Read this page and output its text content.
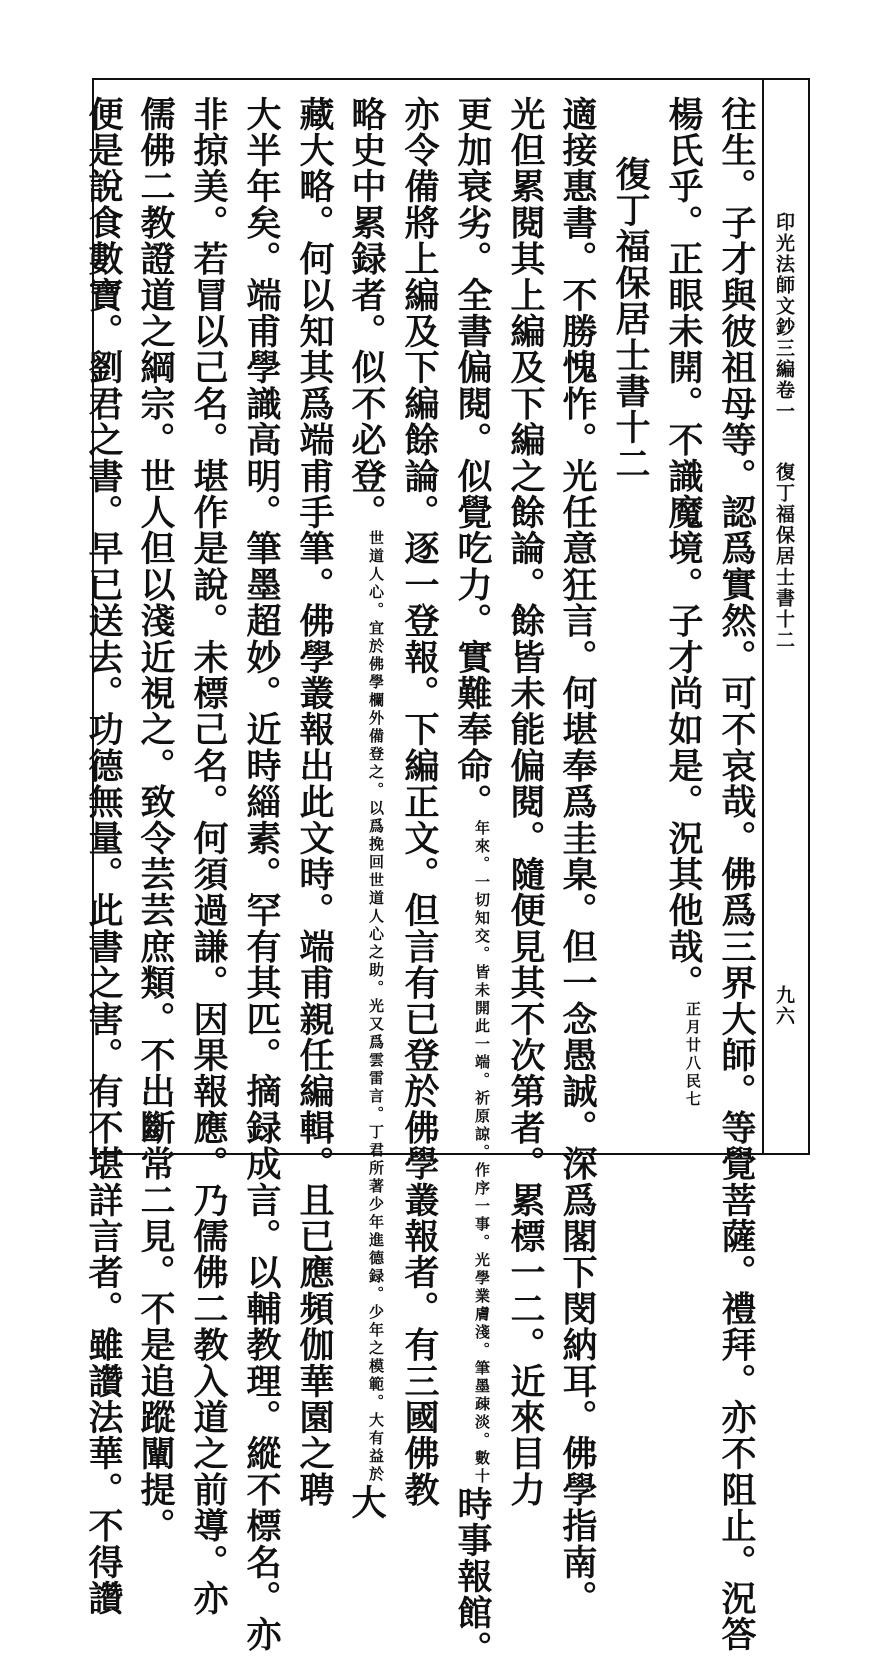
印光法師文鈔三編卷一
復丁福保居士書十二
九六
往生。子才與彼祖母等。認爲實然。可不哀哉。佛爲三界大師。等覺菩薩。禮拜。亦不阻止。況答
楊氏乎。正眼未開。不識魔境。子才尚如是。況其他哉。
民七
正月廿八
復丁福保居士書十二
適接惠書。不勝愧怍。光任意狂言。何堪奉爲圭臬。但一念愚誠。深爲閣下閔納耳。佛學指南。
光但累閱其上編及下編之餘論。餘皆未能偏閱。隨便見其不次第者。累標一二。近來目力
更加衰劣。全書偏閱。似覺吃力。實難奉命。
作序一事。光學業膚淺。筆墨疎淡。數十
年來。一切知交。皆未開此一端。祈原諒。
時事報館。
亦令備將上編及下編餘論。逐一登報。下編正文。但言有已登於佛學叢報者。有三國佛教
略史中累録者。似不必登。
光又爲雲雷言。丁君所著少年進德録。少年之模範。大有益於
世道人心。宜於佛學欄外備登之。以爲挽回世道人心之助。
大
藏大略。何以知其爲端甫手筆。佛學叢報出此文時。端甫親任編輯。且已應頻伽華園之聘
大半年矣。端甫學識高明。筆墨超妙。近時緇素。罕有其匹。摘録成言。以輔教理。縱不標名。亦
非掠美。若冒以己名。堪作是說。未標己名。何須過謙。因果報應。乃儒佛二教入道之前導。亦
儒佛二教證道之綱宗。世人但以淺近視之。致令芸芸庶類。不出斷常二見。不是追蹤闡提。
便是說食數寶。劉君之書。早已送去。功德無量。此書之害。有不堪詳言者。雖讚法華。不得讚
